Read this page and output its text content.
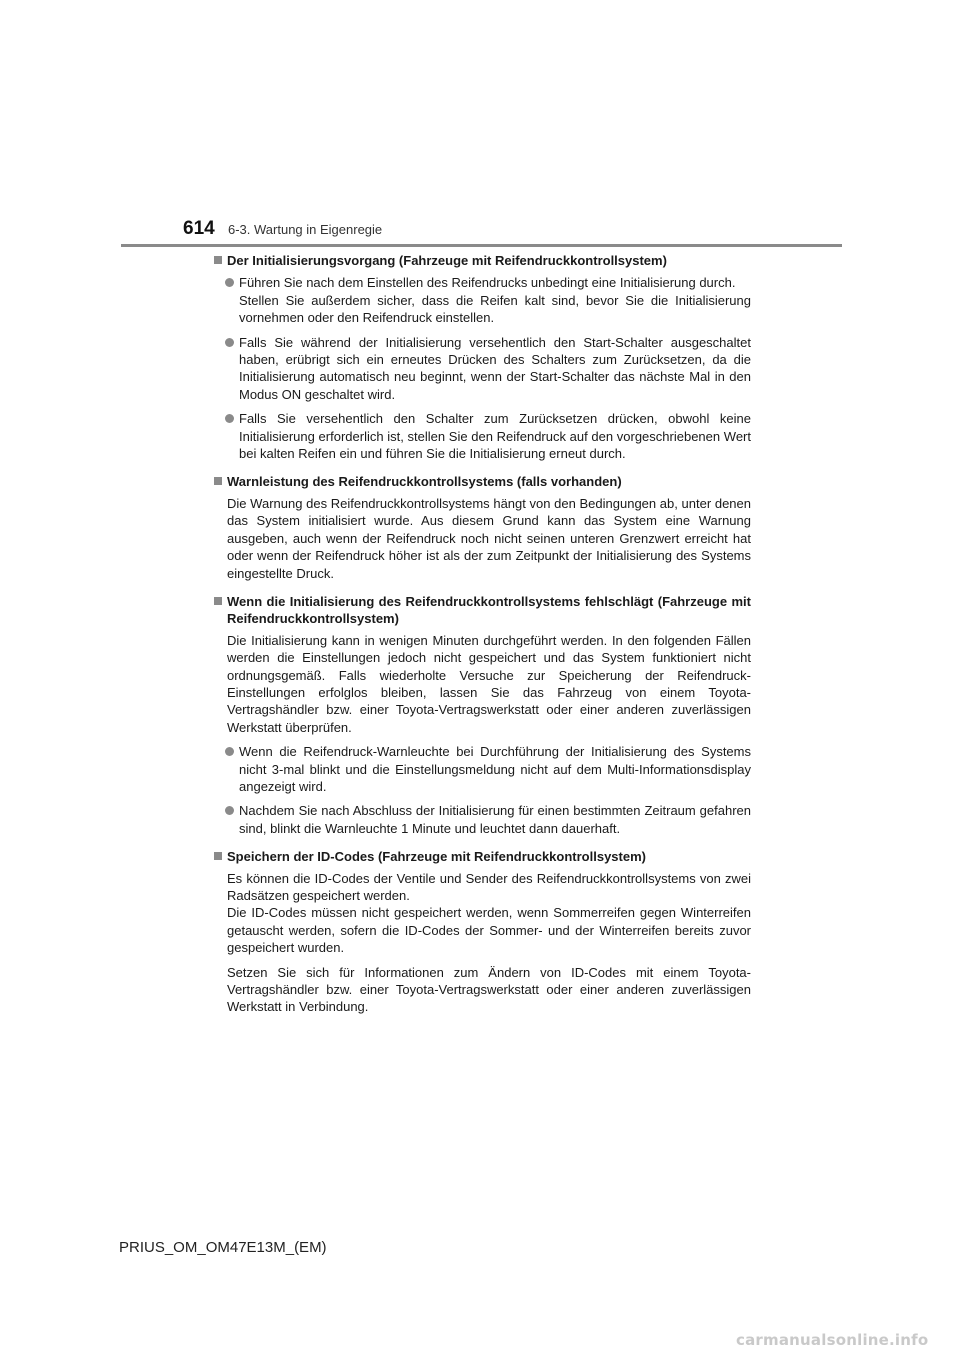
614 6-3. Wartung in Eigenregie
Der Initialisierungsvorgang (Fahrzeuge mit Reifendruckkontrollsystem)
Führen Sie nach dem Einstellen des Reifendrucks unbedingt eine Initialisierung durch.
Stellen Sie außerdem sicher, dass die Reifen kalt sind, bevor Sie die Initialisierung vornehmen oder den Reifendruck einstellen.
Falls Sie während der Initialisierung versehentlich den Start-Schalter ausgeschaltet haben, erübrigt sich ein erneutes Drücken des Schalters zum Zurücksetzen, da die Initialisierung automatisch neu beginnt, wenn der Start-Schalter das nächste Mal in den Modus ON geschaltet wird.
Falls Sie versehentlich den Schalter zum Zurücksetzen drücken, obwohl keine Initialisierung erforderlich ist, stellen Sie den Reifendruck auf den vorgeschriebenen Wert bei kalten Reifen ein und führen Sie die Initialisierung erneut durch.
Warnleistung des Reifendruckkontrollsystems (falls vorhanden)
Die Warnung des Reifendruckkontrollsystems hängt von den Bedingungen ab, unter denen das System initialisiert wurde. Aus diesem Grund kann das System eine Warnung ausgeben, auch wenn der Reifendruck noch nicht seinen unteren Grenzwert erreicht hat oder wenn der Reifendruck höher ist als der zum Zeitpunkt der Initialisierung des Systems eingestellte Druck.
Wenn die Initialisierung des Reifendruckkontrollsystems fehlschlägt (Fahrzeuge mit Reifendruckkontrollsystem)
Die Initialisierung kann in wenigen Minuten durchgeführt werden. In den folgenden Fällen werden die Einstellungen jedoch nicht gespeichert und das System funktioniert nicht ordnungsgemäß. Falls wiederholte Versuche zur Speicherung der Reifendruck-Einstellungen erfolglos bleiben, lassen Sie das Fahrzeug von einem Toyota-Vertragshändler bzw. einer Toyota-Vertragswerkstatt oder einer anderen zuverlässigen Werkstatt überprüfen.
Wenn die Reifendruck-Warnleuchte bei Durchführung der Initialisierung des Systems nicht 3-mal blinkt und die Einstellungsmeldung nicht auf dem Multi-Informationsdisplay angezeigt wird.
Nachdem Sie nach Abschluss der Initialisierung für einen bestimmten Zeitraum gefahren sind, blinkt die Warnleuchte 1 Minute und leuchtet dann dauerhaft.
Speichern der ID-Codes (Fahrzeuge mit Reifendruckkontrollsystem)
Es können die ID-Codes der Ventile und Sender des Reifendruckkontrollsystems von zwei Radsätzen gespeichert werden.
Die ID-Codes müssen nicht gespeichert werden, wenn Sommerreifen gegen Winterreifen getauscht werden, sofern die ID-Codes der Sommer- und der Winterreifen bereits zuvor gespeichert wurden.
Setzen Sie sich für Informationen zum Ändern von ID-Codes mit einem Toyota-Vertragshändler bzw. einer Toyota-Vertragswerkstatt oder einer anderen zuverlässigen Werkstatt in Verbindung.
PRIUS_OM_OM47E13M_(EM)
carmanualsonline.info
